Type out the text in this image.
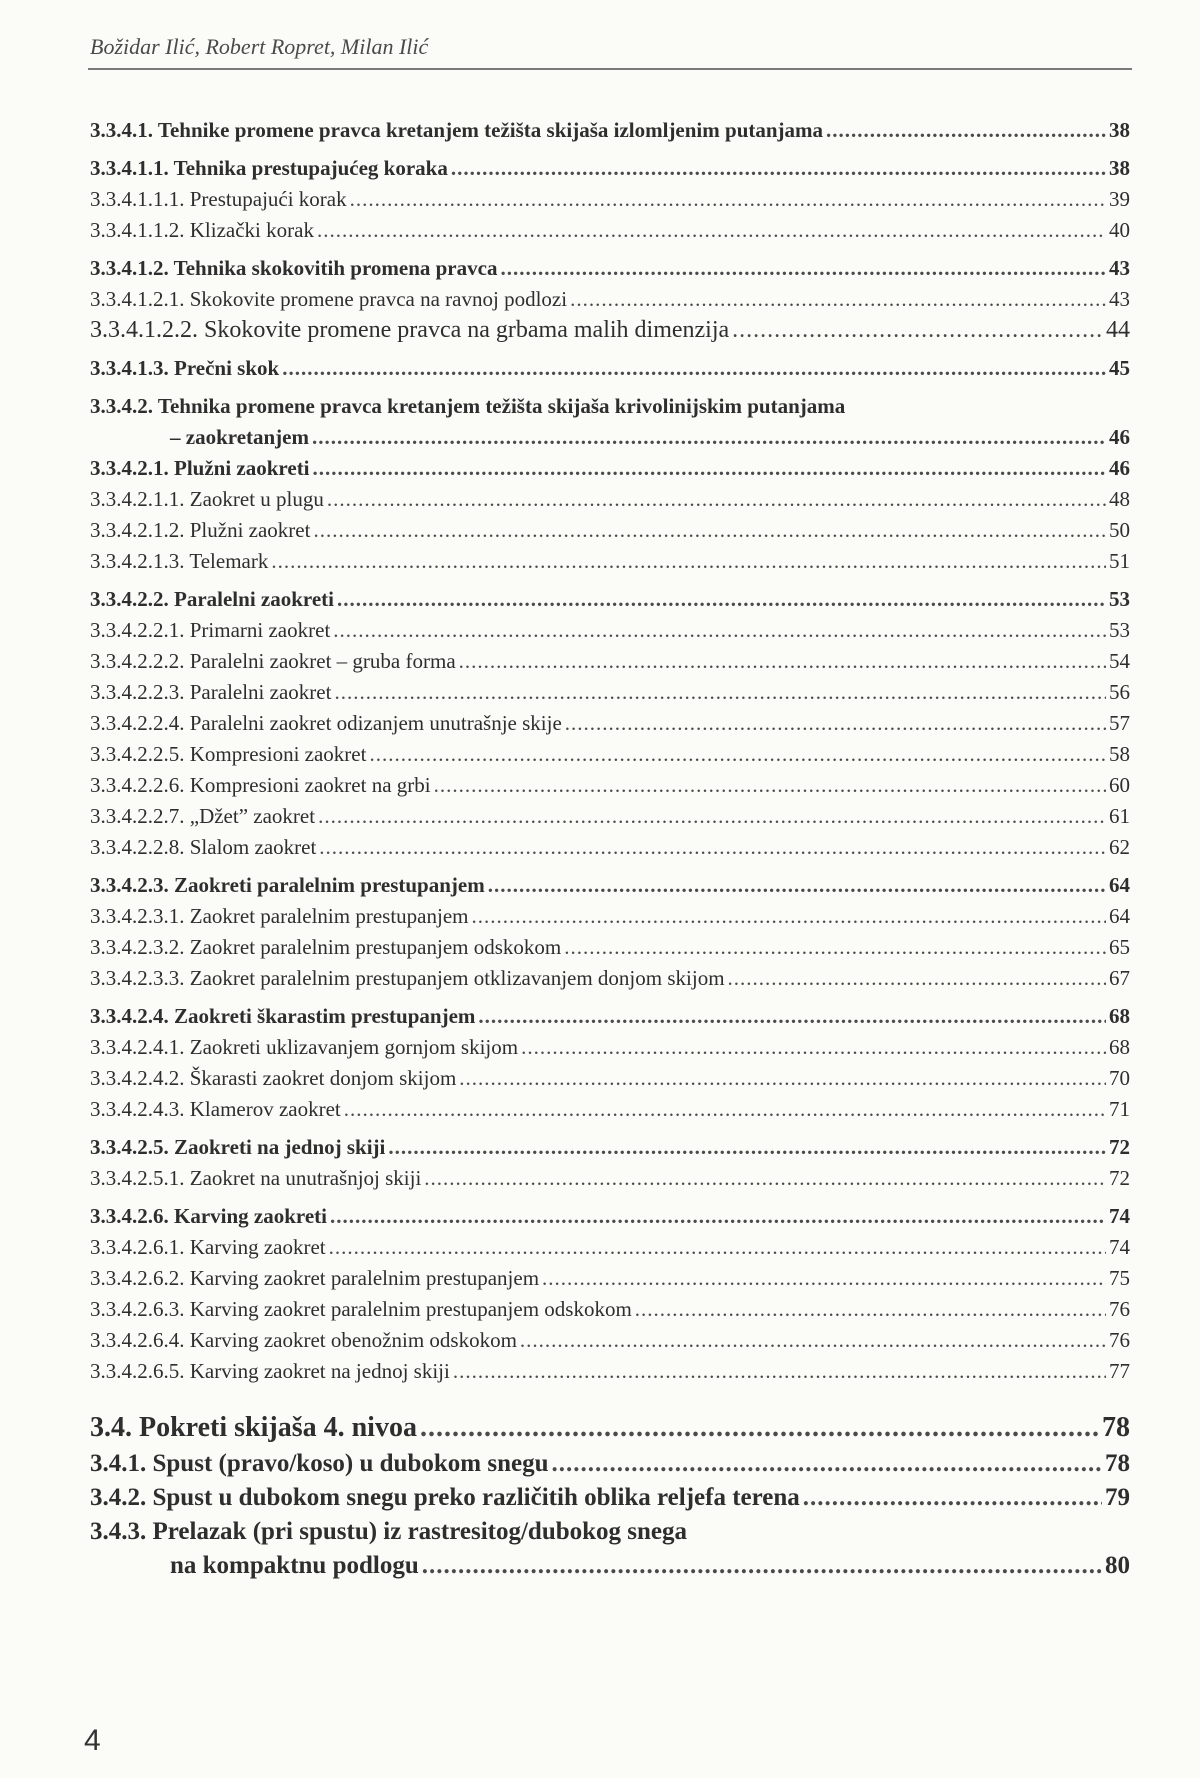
Božidar Ilić, Robert Ropret, Milan Ilić
3.3.4.1. Tehnike promene pravca kretanjem težišta skijaša izlomljenim putanjama .....	38
3.3.4.1.1. Tehnika prestupajućeg koraka .....	38
3.3.4.1.1.1. Prestupajući korak .....	39
3.3.4.1.1.2. Klizački korak .....	40
3.3.4.1.2. Tehnika skokovitih promena pravca .....	43
3.3.4.1.2.1. Skokovite promene pravca na ravnoj podlozi .....	43
3.3.4.1.2.2. Skokovite promene pravca na grbama malih dimenzija .....	44
3.3.4.1.3. Prečni skok .....	45
3.3.4.2. Tehnika promene pravca kretanjem težišta skijaša krivolinijskim putanjama
– zaokretanjem .....	46
3.3.4.2.1. Plužni zaokreti .....	46
3.3.4.2.1.1. Zaokret u plugu .....	48
3.3.4.2.1.2. Plužni zaokret .....	50
3.3.4.2.1.3. Telemark .....	51
3.3.4.2.2. Paralelni zaokreti .....	53
3.3.4.2.2.1. Primarni zaokret .....	53
3.3.4.2.2.2. Paralelni zaokret – gruba forma .....	54
3.3.4.2.2.3. Paralelni zaokret .....	56
3.3.4.2.2.4. Paralelni zaokret odizanjem unutrašnje skije .....	57
3.3.4.2.2.5. Kompresioni zaokret .....	58
3.3.4.2.2.6. Kompresioni zaokret na grbi .....	60
3.3.4.2.2.7. „Džet” zaokret .....	61
3.3.4.2.2.8. Slalom zaokret .....	62
3.3.4.2.3. Zaokreti paralelnim prestupanjem .....	64
3.3.4.2.3.1. Zaokret paralelnim prestupanjem .....	64
3.3.4.2.3.2. Zaokret paralelnim prestupanjem odskokom .....	65
3.3.4.2.3.3. Zaokret paralelnim prestupanjem otklizavanjem donjom skijom .....	67
3.3.4.2.4. Zaokreti škarastim prestupanjem .....	68
3.3.4.2.4.1. Zaokreti uklizavanjem gornjom skijom .....	68
3.3.4.2.4.2. Škarasti zaokret donjom skijom .....	70
3.3.4.2.4.3. Klamerov zaokret .....	71
3.3.4.2.5. Zaokreti na jednoj skiji .....	72
3.3.4.2.5.1. Zaokret na unutrašnjoj skiji .....	72
3.3.4.2.6. Karving zaokreti .....	74
3.3.4.2.6.1. Karving zaokret .....	74
3.3.4.2.6.2. Karving zaokret paralelnim prestupanjem .....	75
3.3.4.2.6.3. Karving zaokret paralelnim prestupanjem odskokom .....	76
3.3.4.2.6.4. Karving zaokret obenožnim odskokom .....	76
3.3.4.2.6.5. Karving zaokret na jednoj skiji .....	77
3.4. Pokreti skijaša 4. nivoa .....	78
3.4.1. Spust (pravo/koso) u dubokom snegu .....	78
3.4.2. Spust u dubokom snegu preko različitih oblika reljefa terena .....	79
3.4.3. Prelazak (pri spustu) iz rastresitog/dubokog snega
na kompaktnu podlogu .....	80
4
